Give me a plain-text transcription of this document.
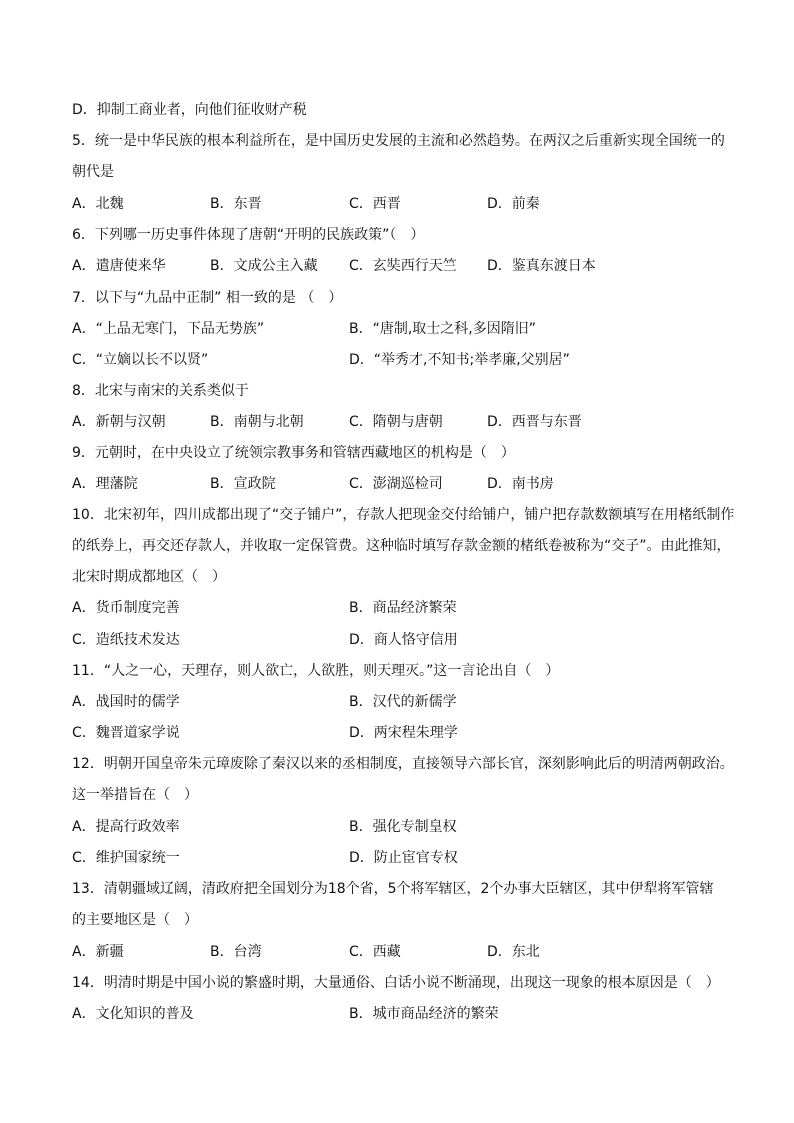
D．抑制工商业者，向他们征收财产税
5．统一是中华民族的根本利益所在，是中国历史发展的主流和必然趋势。在两汉之后重新实现全国统一的
朝代是
A．北魏	B．东晋	C．西晋	D．前秦
6．下列哪一历史事件体现了唐朝“开明的民族政策”（　）
A．遣唐使来华	B．文成公主入藏 C．玄奘西行天竺 D．鉴真东渡日本
7．以下与“九品中正制” 相一致的是 （　）
A．“上品无寒门，下品无势族”	B．“唐制,取士之科,多因隋旧”
C．“立嫡以长不以贤”	D．“举秀才,不知书;举孝廉,父别居”
8．北宋与南宋的关系类似于
A．新朝与汉朝	B．南朝与北朝	C．隋朝与唐朝	D．西晋与东晋
9．元朝时，在中央设立了统领宗教事务和管辖西藏地区的机构是（　）
A．理藩院	B．宣政院	C．澎湖巡检司	D．南书房
10．北宋初年，四川成都出现了“交子铺户”，存款人把现金交付给铺户，铺户把存款数额填写在用楮纸制作
的纸券上，再交还存款人，并收取一定保管费。这种临时填写存款金额的楮纸卷被称为“交子”。由此推知，
北宋时期成都地区（　）
A．货币制度完善	B．商品经济繁荣
C．造纸技术发达	D．商人恪守信用
11．“人之一心，天理存，则人欲亡，人欲胜，则天理灭。”这一言论出自（　）
A．战国时的儒学	B．汉代的新儒学
C．魏晋道家学说	D．两宋程朱理学
12．明朝开国皇帝朱元璋废除了秦汉以来的丞相制度，直接领导六部长官，深刻影响此后的明清两朝政治。
这一举措旨在（　）
A．提高行政效率	B．强化专制皇权
C．维护国家统一	D．防止宦官专权
13．清朝疆域辽阔，清政府把全国划分为18个省，5个将军辖区，2个办事大臣辖区，其中伊犁将军管辖
的主要地区是（　）
A．新疆	B．台湾	C．西藏	D．东北
14．明清时期是中国小说的繁盛时期，大量通俗、白话小说不断涌现，出现这一现象的根本原因是（　）
A．文化知识的普及	B．城市商品经济的繁荣
